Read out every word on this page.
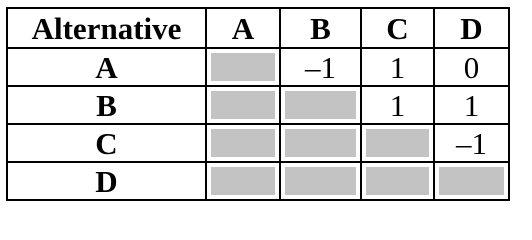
Alternative	A	B	C	D
A		–1	1	0
B			1	1
C				–1
D				
